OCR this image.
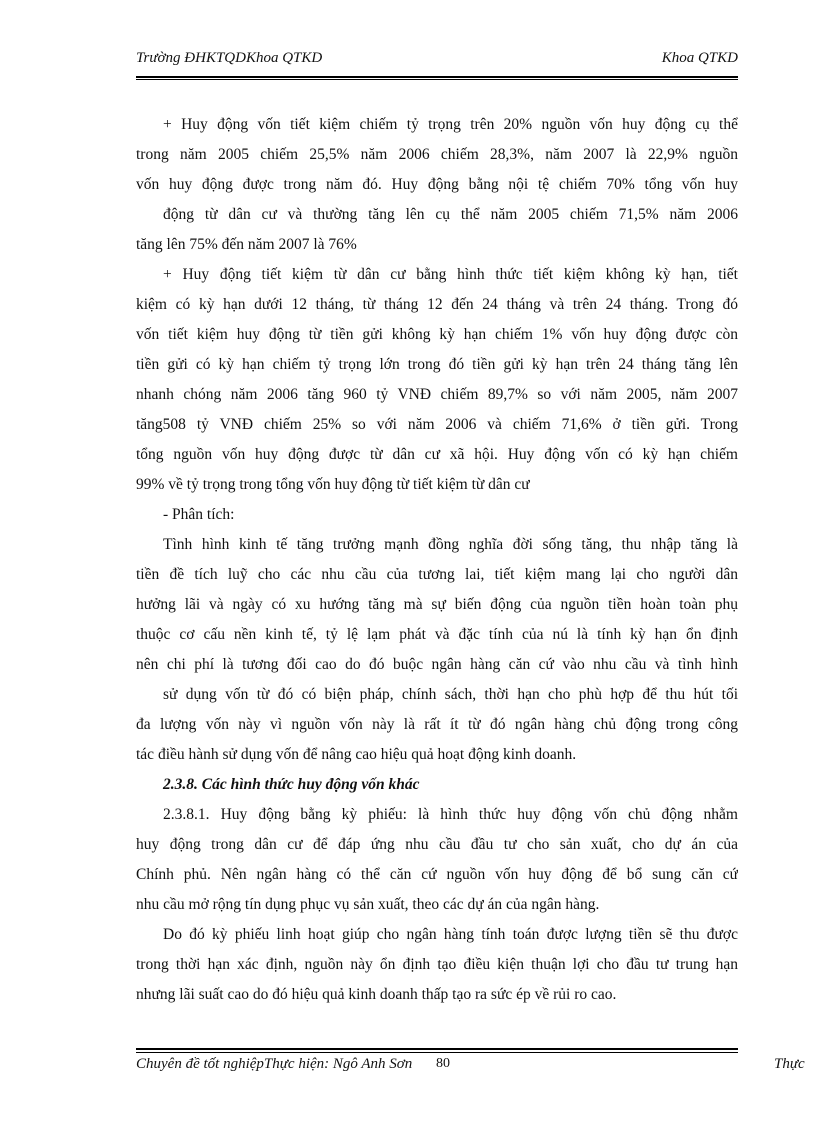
Trường ĐHKTQDKhoa QTKD	Khoa QTKD
+ Huy động vốn tiết kiệm chiếm tỷ trọng trên 20% nguồn vốn huy động cụ thể
trong năm 2005 chiếm 25,5% năm 2006 chiếm 28,3%, năm 2007 là 22,9% nguồn
vốn huy động được trong năm đó. Huy động bằng nội tệ chiếm 70% tổng vốn huy
động từ dân cư và thường tăng lên cụ thể năm 2005 chiếm 71,5% năm 2006
tăng lên 75% đến năm 2007 là 76%
+ Huy động tiết kiệm từ dân cư bằng hình thức tiết kiệm không kỳ hạn, tiết
kiệm có kỳ hạn dưới 12 tháng, từ tháng 12 đến 24 tháng và trên 24 tháng. Trong đó
vốn tiết kiệm huy động từ tiền gửi không kỳ hạn chiếm 1% vốn huy động được còn
tiền gửi có kỳ hạn chiếm tỷ trọng lớn trong đó tiền gửi kỳ hạn trên 24 tháng tăng lên
nhanh chóng năm 2006 tăng 960 tỷ VNĐ chiếm 89,7% so với năm 2005, năm 2007
tăng508 tỷ VNĐ chiếm 25% so với năm 2006 và chiếm 71,6% ở tiền gửi. Trong
tổng nguồn vốn huy động được từ dân cư xã hội. Huy động vốn có kỳ hạn chiếm
99% về tỷ trọng trong tổng vốn huy động từ tiết kiệm từ dân cư
- Phân tích:
Tình hình kinh tế tăng trưởng mạnh đồng nghĩa đời sống tăng, thu nhập tăng là
tiền đề tích luỹ cho các nhu cầu của tương lai, tiết kiệm mang lại cho người dân
hưởng lãi và ngày có xu hướng tăng mà sự biến động của nguồn tiền hoàn toàn phụ
thuộc cơ cấu nền kinh tế, tỷ lệ lạm phát và đặc tính của nú là tính kỳ hạn ổn định
nên chi phí là tương đối cao do đó buộc ngân hàng căn cứ vào nhu cầu và tình hình
sử dụng vốn từ đó có biện pháp, chính sách, thời hạn cho phù hợp để thu hút tối
đa lượng vốn này vì nguồn vốn này là rất ít từ đó ngân hàng chủ động trong công
tác điều hành sử dụng vốn để nâng cao hiệu quả hoạt động kinh doanh.
2.3.8. Các hình thức huy động vốn khác
2.3.8.1. Huy động bằng kỳ phiếu: là hình thức huy động vốn chủ động nhằm
huy động trong dân cư để đáp ứng nhu cầu đầu tư cho sản xuất, cho dự án của
Chính phủ. Nên ngân hàng có thể căn cứ nguồn vốn huy động để bổ sung căn cứ
nhu cầu mở rộng tín dụng phục vụ sản xuất, theo các dự án của ngân hàng.
Do đó kỳ phiếu linh hoạt giúp cho ngân hàng tính toán được lượng tiền sẽ thu được
trong thời hạn xác định, nguồn này ổn định tạo điều kiện thuận lợi cho đầu tư trung hạn
nhưng lãi suất cao do đó hiệu quả kinh doanh thấp tạo ra sức ép về rủi ro cao.
Chuyên đề tốt nghiệpThực hiện: Ngô Anh Sơn 80	Thực
